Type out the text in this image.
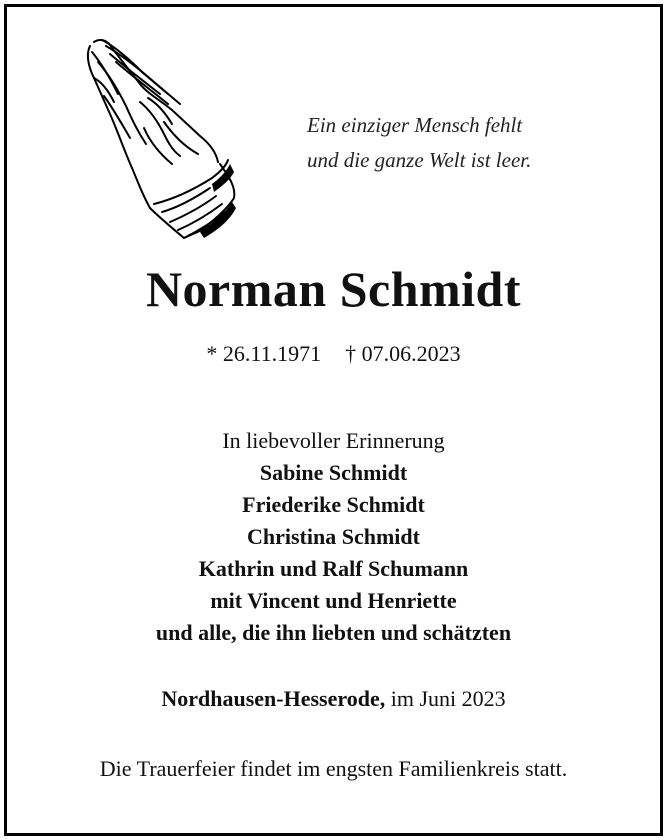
Ein einziger Mensch fehlt
und die ganze Welt ist leer.
Norman Schmidt
* 26.11.1971 † 07.06.2023
In liebevoller Erinnerung
Sabine Schmidt
Friederike Schmidt
Christina Schmidt
Kathrin und Ralf Schumann
mit Vincent und Henriette
und alle, die ihn liebten und schätzten
Nordhausen-Hesserode, im Juni 2023
Die Trauerfeier findet im engsten Familienkreis statt.
